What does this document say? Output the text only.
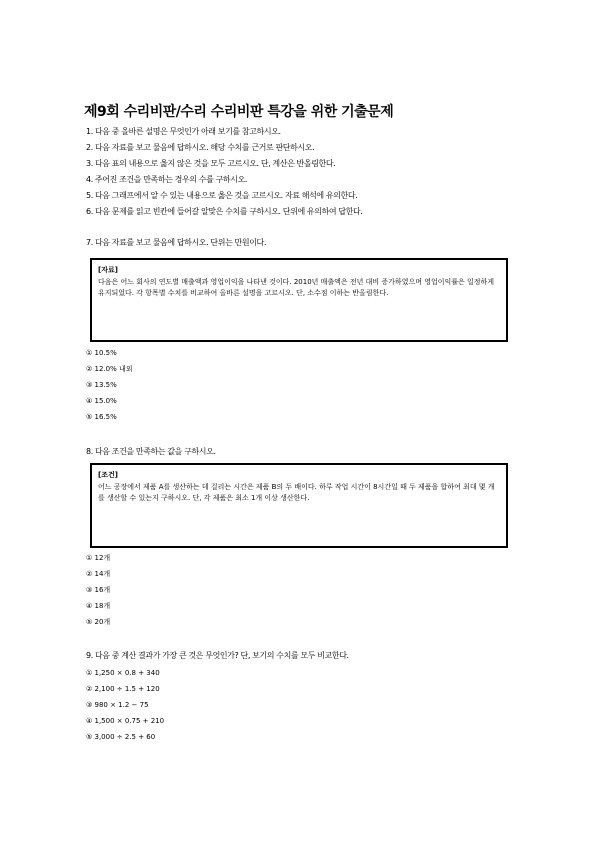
제9회 수리비판/수리 수리비판 특강을 위한 기출문제
1. 다음 중 올바른 설명은 무엇인가 아래 보기를 참고하시오.
2. 다음 자료를 보고 물음에 답하시오. 해당 수치를 근거로 판단하시오.
3. 다음 표의 내용으로 옳지 않은 것을 모두 고르시오. 단, 계산은 반올림한다.
4. 주어진 조건을 만족하는 경우의 수를 구하시오.
5. 다음 그래프에서 알 수 있는 내용으로 옳은 것을 고르시오. 자료 해석에 유의한다.
6. 다음 문제를 읽고 빈칸에 들어갈 알맞은 수치를 구하시오. 단위에 유의하여 답한다.
7. 다음 자료를 보고 물음에 답하시오. 단위는 만원이다.
[자료]
다음은 어느 회사의 연도별 매출액과 영업이익을 나타낸 것이다. 2010년 매출액은 전년 대비 증가하였으며 영업이익률은 일정하게 유지되었다. 각 항목별 수치를 비교하여 올바른 설명을 고르시오. 단, 소수점 이하는 반올림한다.
① 10.5%
② 12.0% 내외
③ 13.5%
④ 15.0%
⑤ 16.5%
8. 다음 조건을 만족하는 값을 구하시오.
[조건]
어느 공장에서 제품 A를 생산하는 데 걸리는 시간은 제품 B의 두 배이다. 하루 작업 시간이 8시간일 때 두 제품을 합하여 최대 몇 개를 생산할 수 있는지 구하시오. 단, 각 제품은 최소 1개 이상 생산한다.
① 12개
② 14개
③ 16개
④ 18개
⑤ 20개
9. 다음 중 계산 결과가 가장 큰 것은 무엇인가? 단, 보기의 수치를 모두 비교한다.
① 1,250 × 0.8 + 340
② 2,100 ÷ 1.5 + 120
③ 980 × 1.2 − 75
④ 1,500 × 0.75 + 210
⑤ 3,000 ÷ 2.5 + 60
